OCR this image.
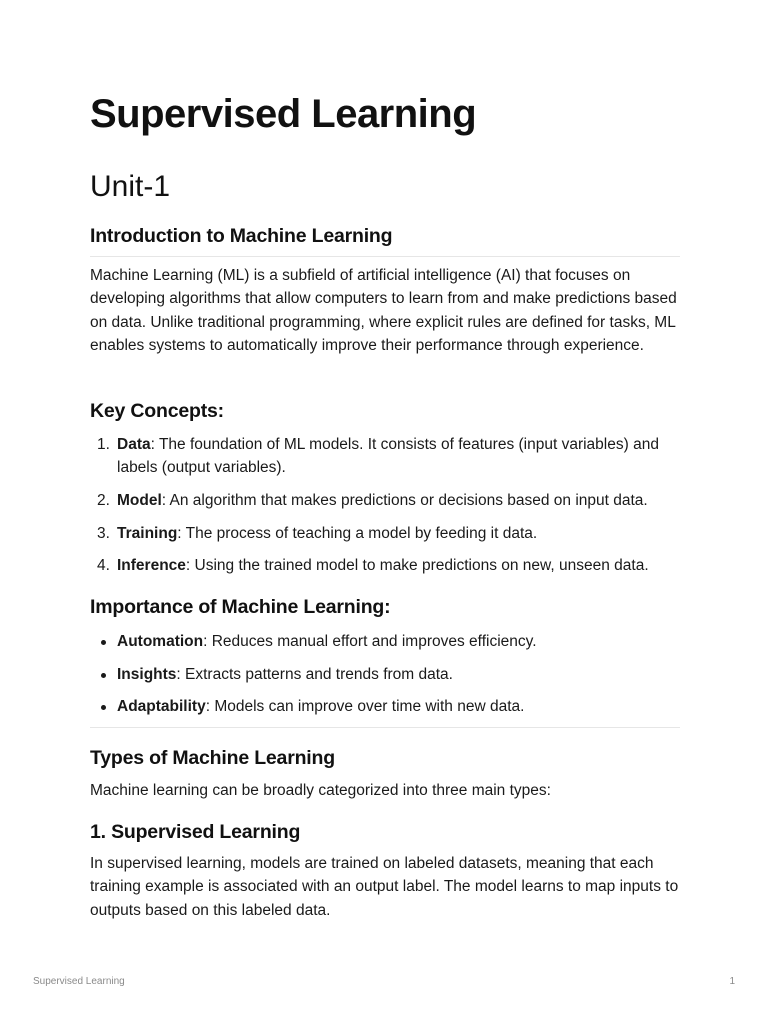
Supervised Learning
Unit-1
Introduction to Machine Learning

Machine Learning (ML) is a subfield of artificial intelligence (AI) that focuses on developing algorithms that allow computers to learn from and make predictions based on data. Unlike traditional programming, where explicit rules are defined for tasks, ML enables systems to automatically improve their performance through experience.

Key Concepts:
1. Data: The foundation of ML models. It consists of features (input variables) and labels (output variables).
2. Model: An algorithm that makes predictions or decisions based on input data.
3. Training: The process of teaching a model by feeding it data.
4. Inference: Using the trained model to make predictions on new, unseen data.
Importance of Machine Learning:
Automation: Reduces manual effort and improves efficiency.
Insights: Extracts patterns and trends from data.
Adaptability: Models can improve over time with new data.
Types of Machine Learning

Machine learning can be broadly categorized into three main types:

1. Supervised Learning

In supervised learning, models are trained on labeled datasets, meaning that each training example is associated with an output label. The model learns to map inputs to outputs based on this labeled data.

Supervised Learning	1
